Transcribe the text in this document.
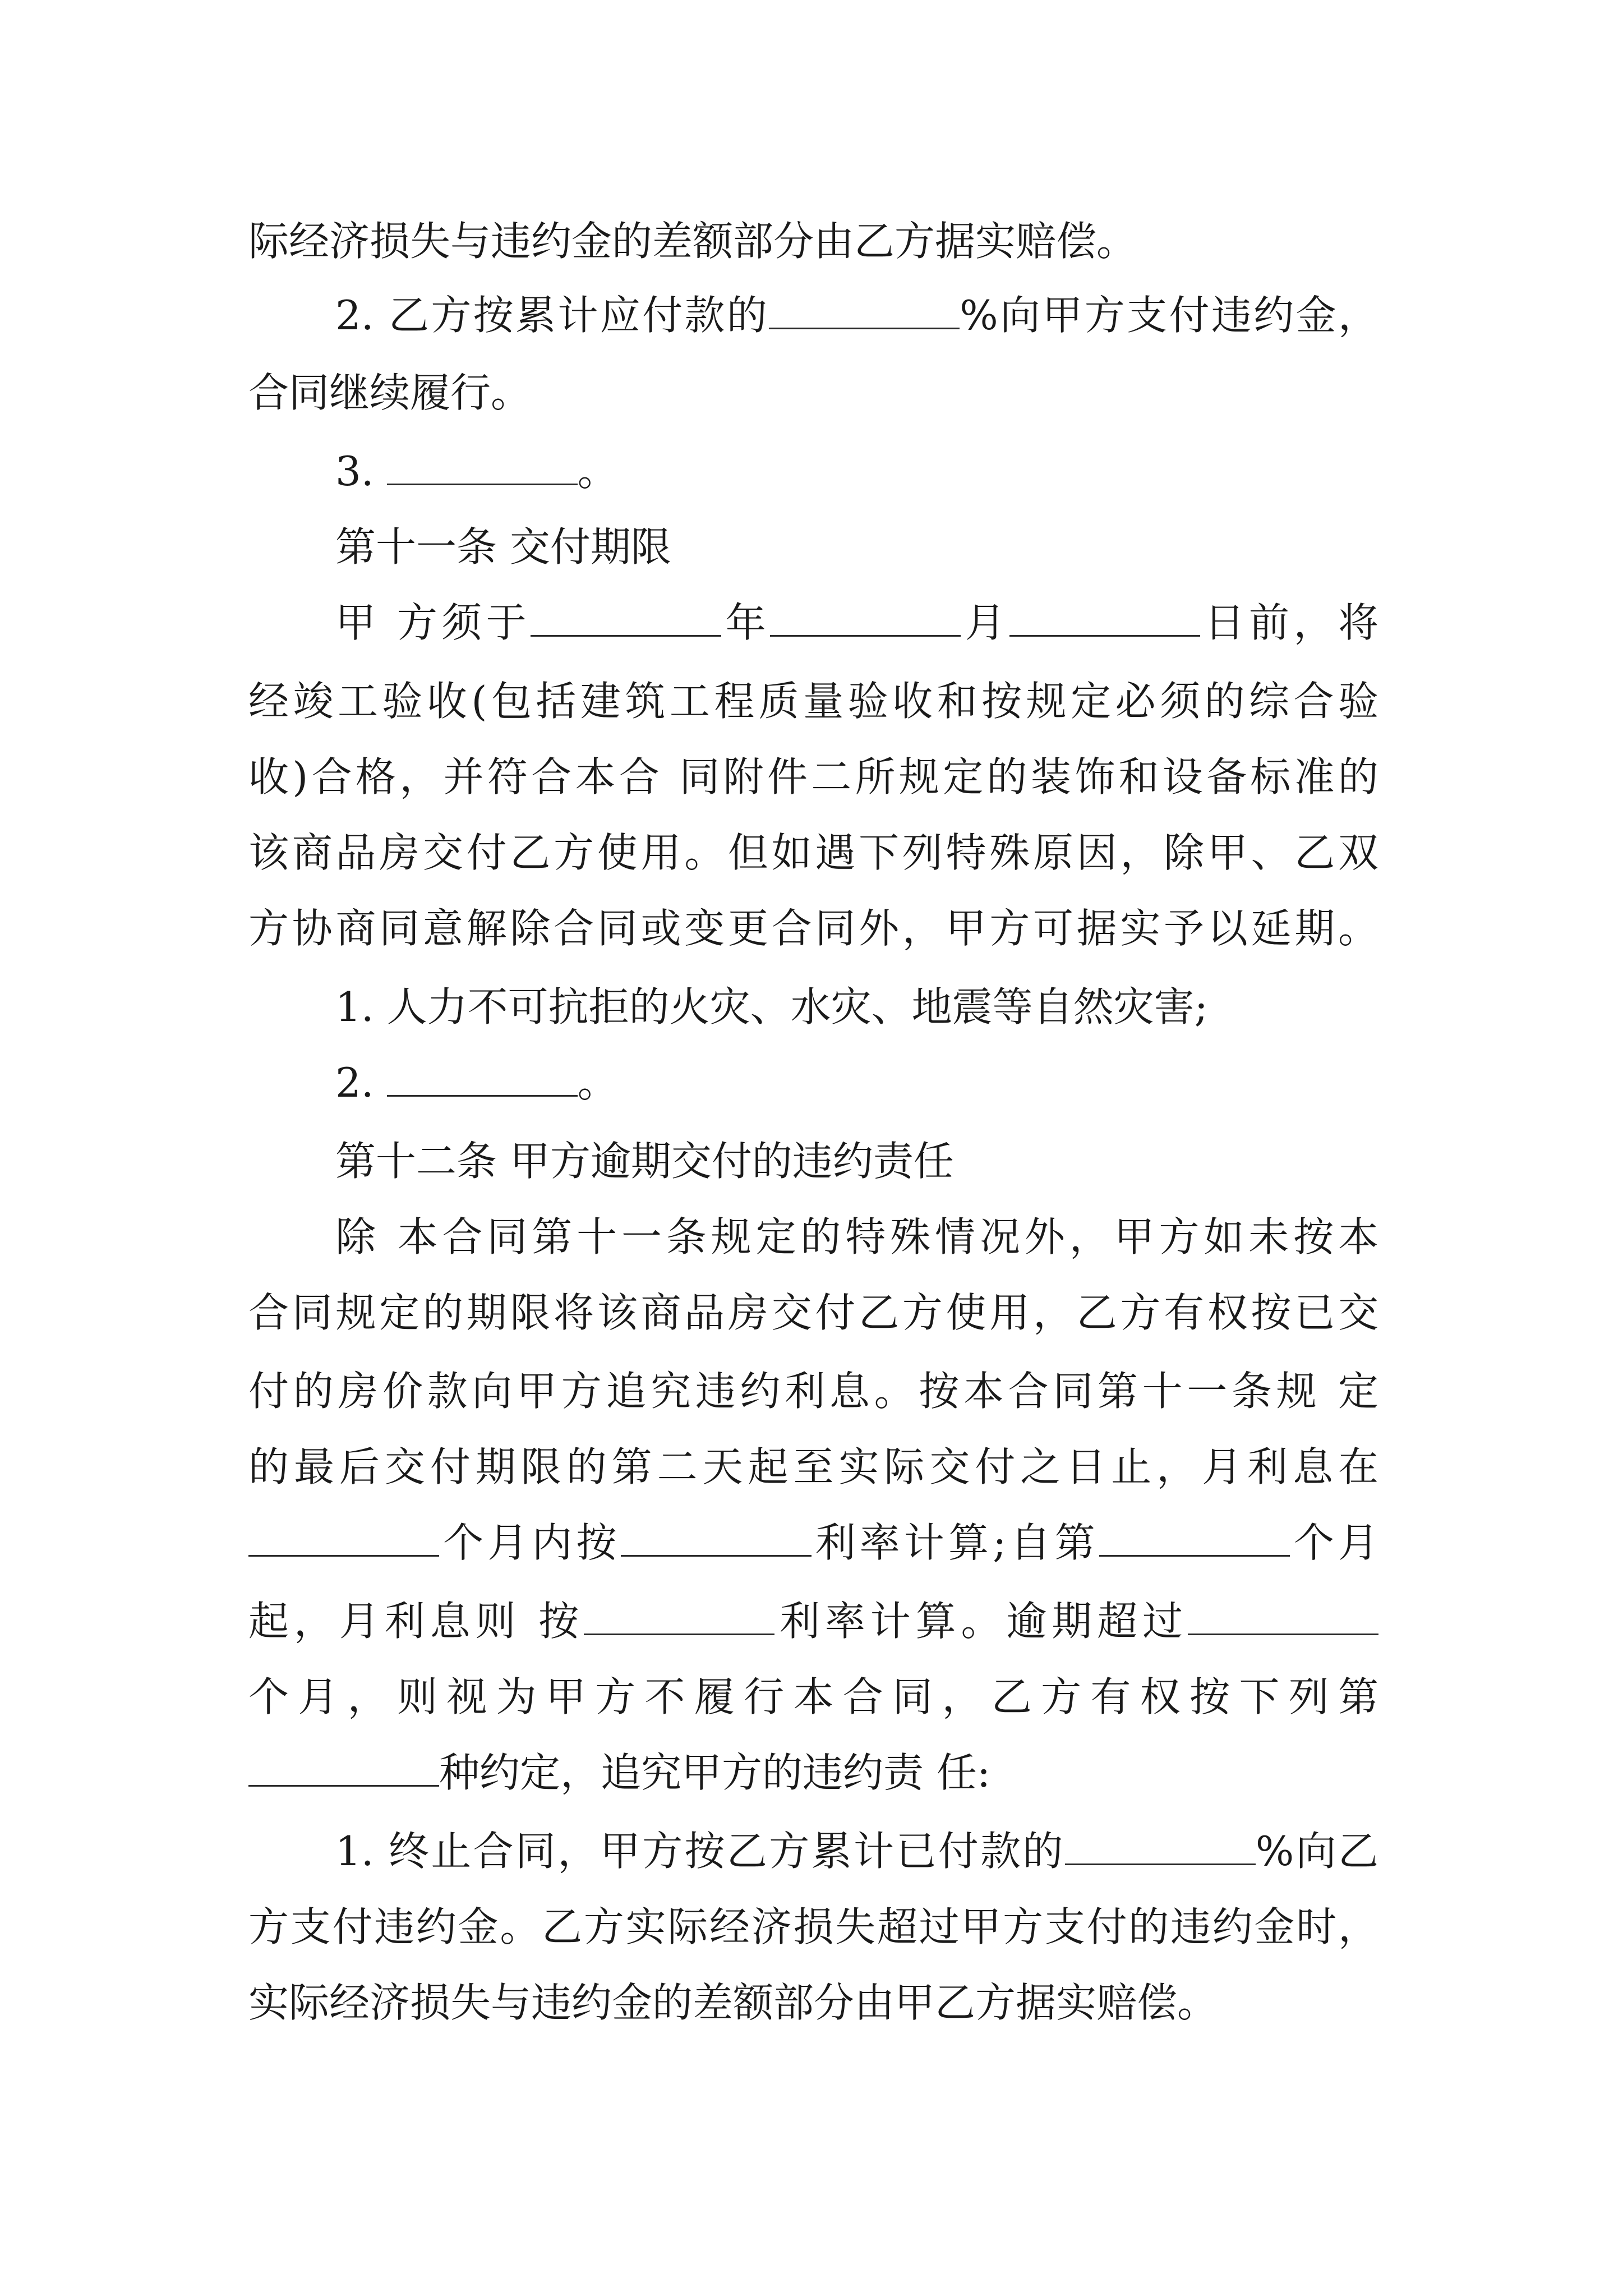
际经济损失与违约金的差额部分由乙方据实赔偿。
2. 乙方按累计应付款的	%向甲方支付违约金，
合同继续履行。
3.	。
第十一条 交付期限
甲 方须于	年	月	日前，将
经竣工验收(包括建筑工程质量验收和按规定必须的综合验
收)合格，并符合本合 同附件二所规定的装饰和设备标准的
该商品房交付乙方使用。但如遇下列特殊原因，除甲、乙双
方协商同意解除合同或变更合同外，甲方可据实予以延期。
1. 人力不可抗拒的火灾、水灾、地震等自然灾害;
2.	。
第十二条 甲方逾期交付的违约责任
除 本合同第十一条规定的特殊情况外，甲方如未按本
合同规定的期限将该商品房交付乙方使用，乙方有权按已交
付的房价款向甲方追究违约利息。按本合同第十一条规 定
的最后交付期限的第二天起至实际交付之日止，月利息在
个月内按	利率计算;自第	个月
起，月利息则 按	利率计算。逾期超过
个月，则视为甲方不履行本合同，乙方有权按下列第
种约定，追究甲方的违约责 任:
1. 终止合同，甲方按乙方累计已付款的	%向乙
方支付违约金。乙方实际经济损失超过甲方支付的违约金时，
实际经济损失与违约金的差额部分由甲乙方据实赔偿。
